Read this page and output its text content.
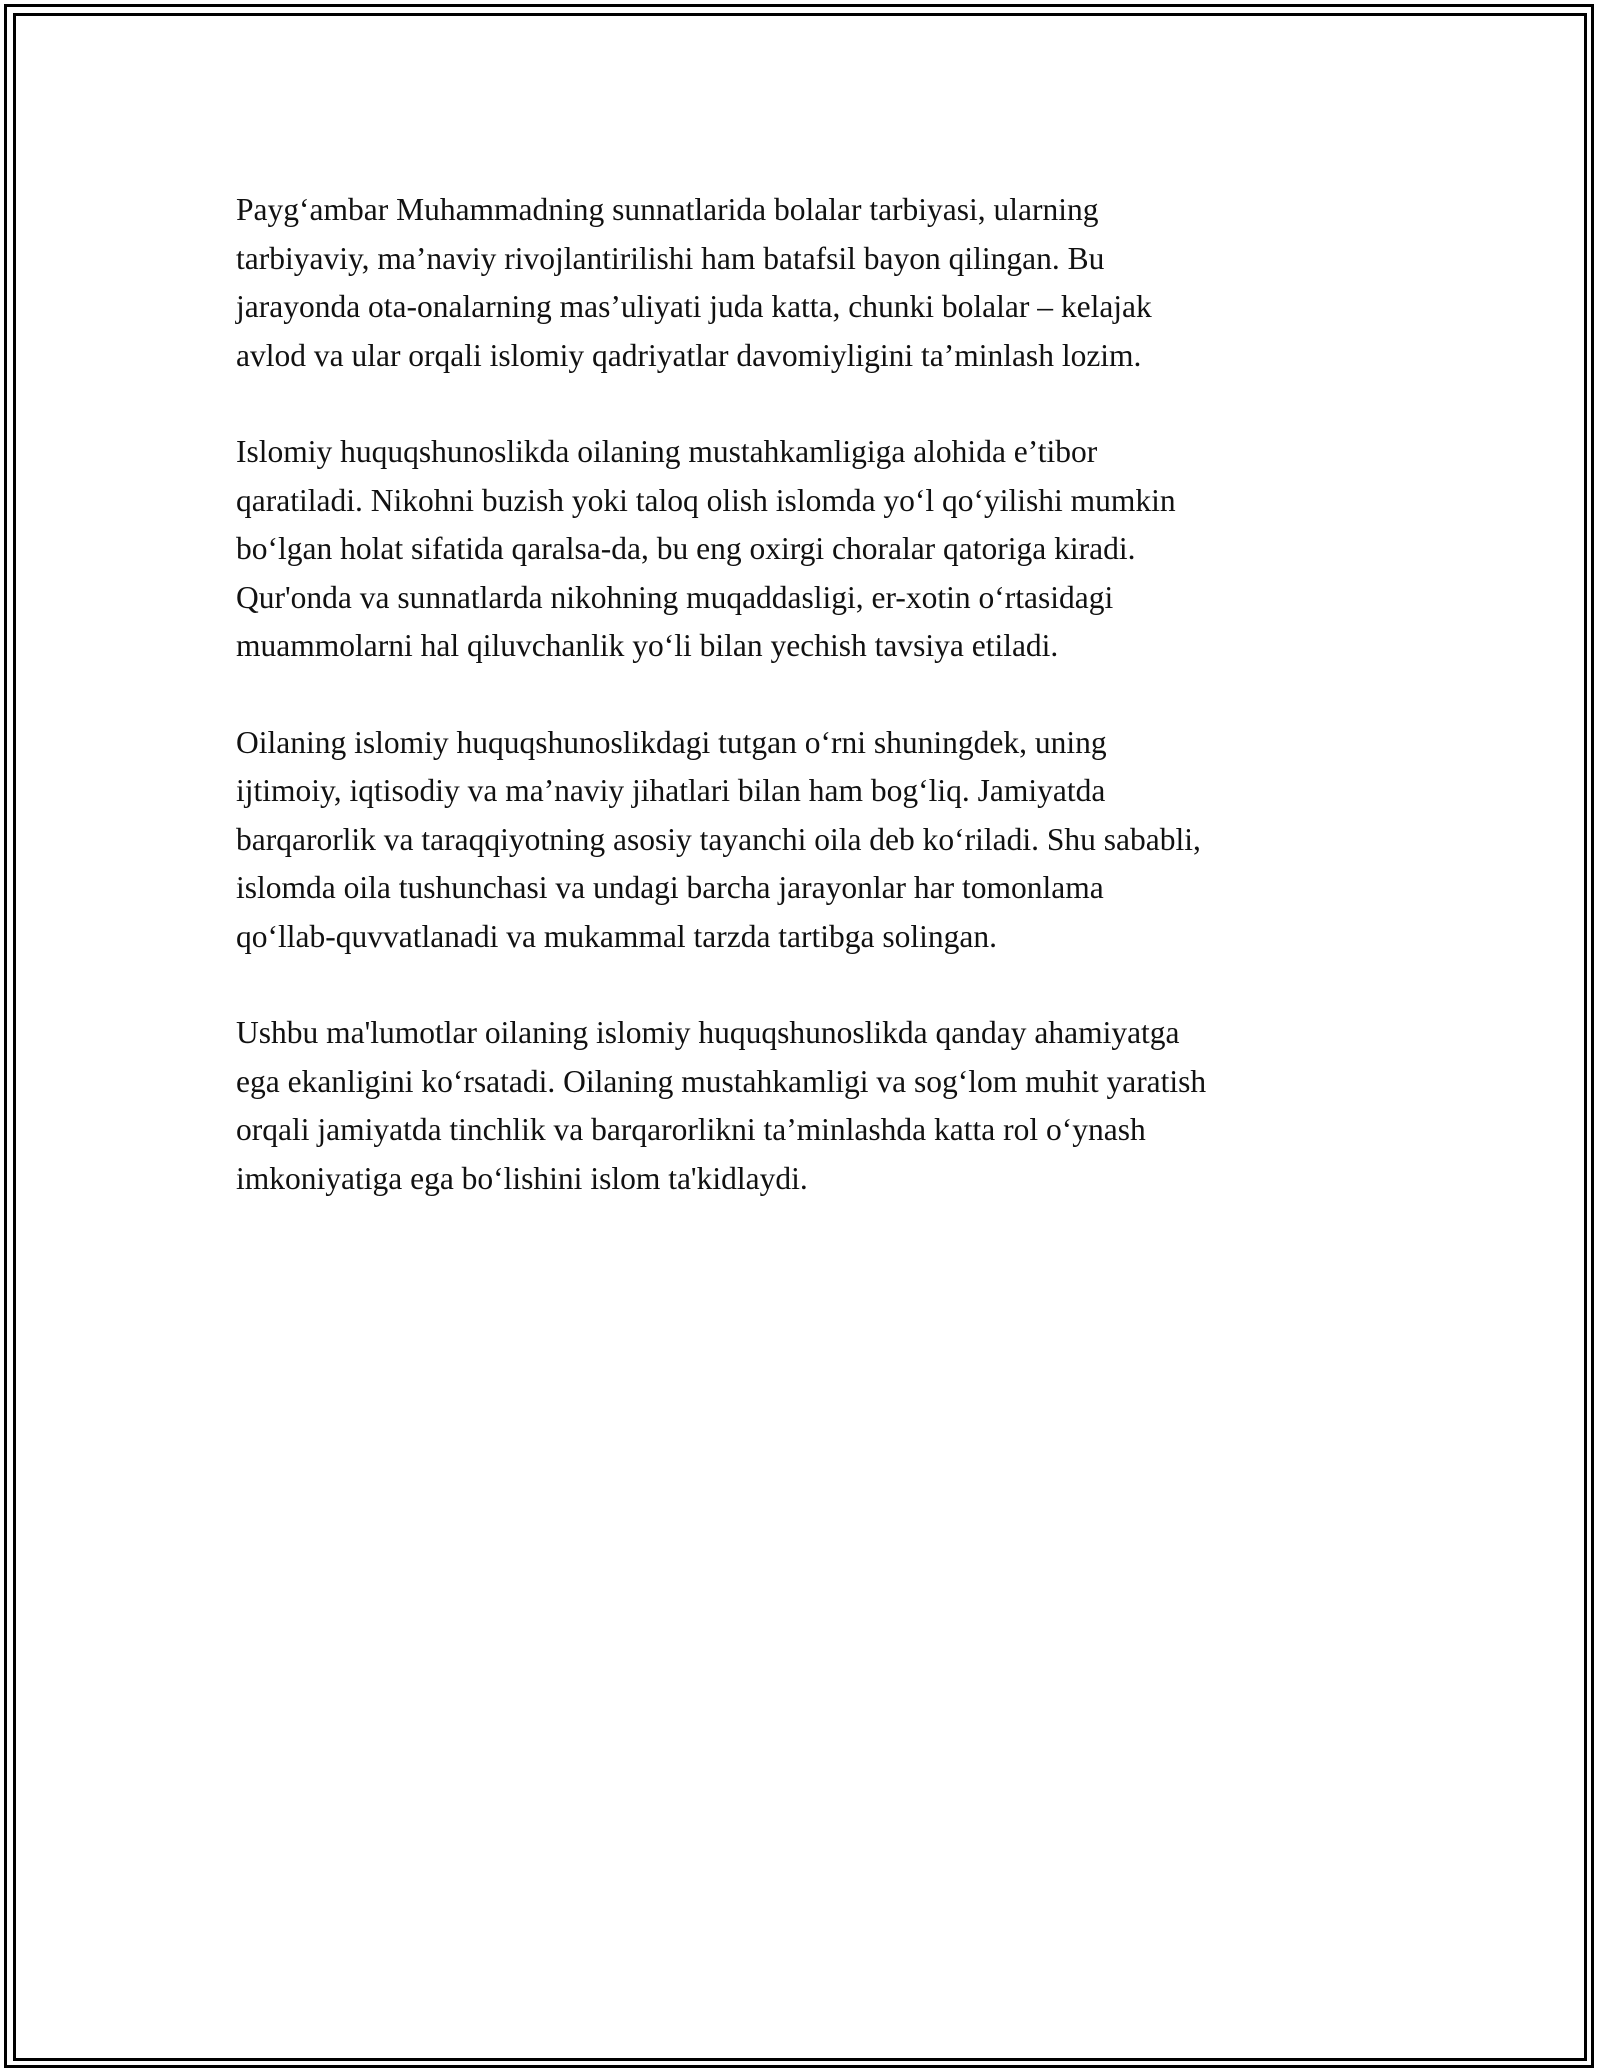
Payg‘ambar Muhammadning sunnatlarida bolalar tarbiyasi, ularning
tarbiyaviy, ma’naviy rivojlantirilishi ham batafsil bayon qilingan. Bu
jarayonda ota-onalarning mas’uliyati juda katta, chunki bolalar – kelajak
avlod va ular orqali islomiy qadriyatlar davomiyligini ta’minlash lozim.

Islomiy huquqshunoslikda oilaning mustahkamligiga alohida e’tibor
qaratiladi. Nikohni buzish yoki taloq olish islomda yo‘l qo‘yilishi mumkin
bo‘lgan holat sifatida qaralsa-da, bu eng oxirgi choralar qatoriga kiradi.
Qur'onda va sunnatlarda nikohning muqaddasligi, er-xotin o‘rtasidagi
muammolarni hal qiluvchanlik yo‘li bilan yechish tavsiya etiladi.

Oilaning islomiy huquqshunoslikdagi tutgan o‘rni shuningdek, uning
ijtimoiy, iqtisodiy va ma’naviy jihatlari bilan ham bog‘liq. Jamiyatda
barqarorlik va taraqqiyotning asosiy tayanchi oila deb ko‘riladi. Shu sababli,
islomda oila tushunchasi va undagi barcha jarayonlar har tomonlama
qo‘llab-quvvatlanadi va mukammal tarzda tartibga solingan.

Ushbu ma'lumotlar oilaning islomiy huquqshunoslikda qanday ahamiyatga
ega ekanligini ko‘rsatadi. Oilaning mustahkamligi va sog‘lom muhit yaratish
orqali jamiyatda tinchlik va barqarorlikni ta’minlashda katta rol o‘ynash
imkoniyatiga ega bo‘lishini islom ta'kidlaydi.
